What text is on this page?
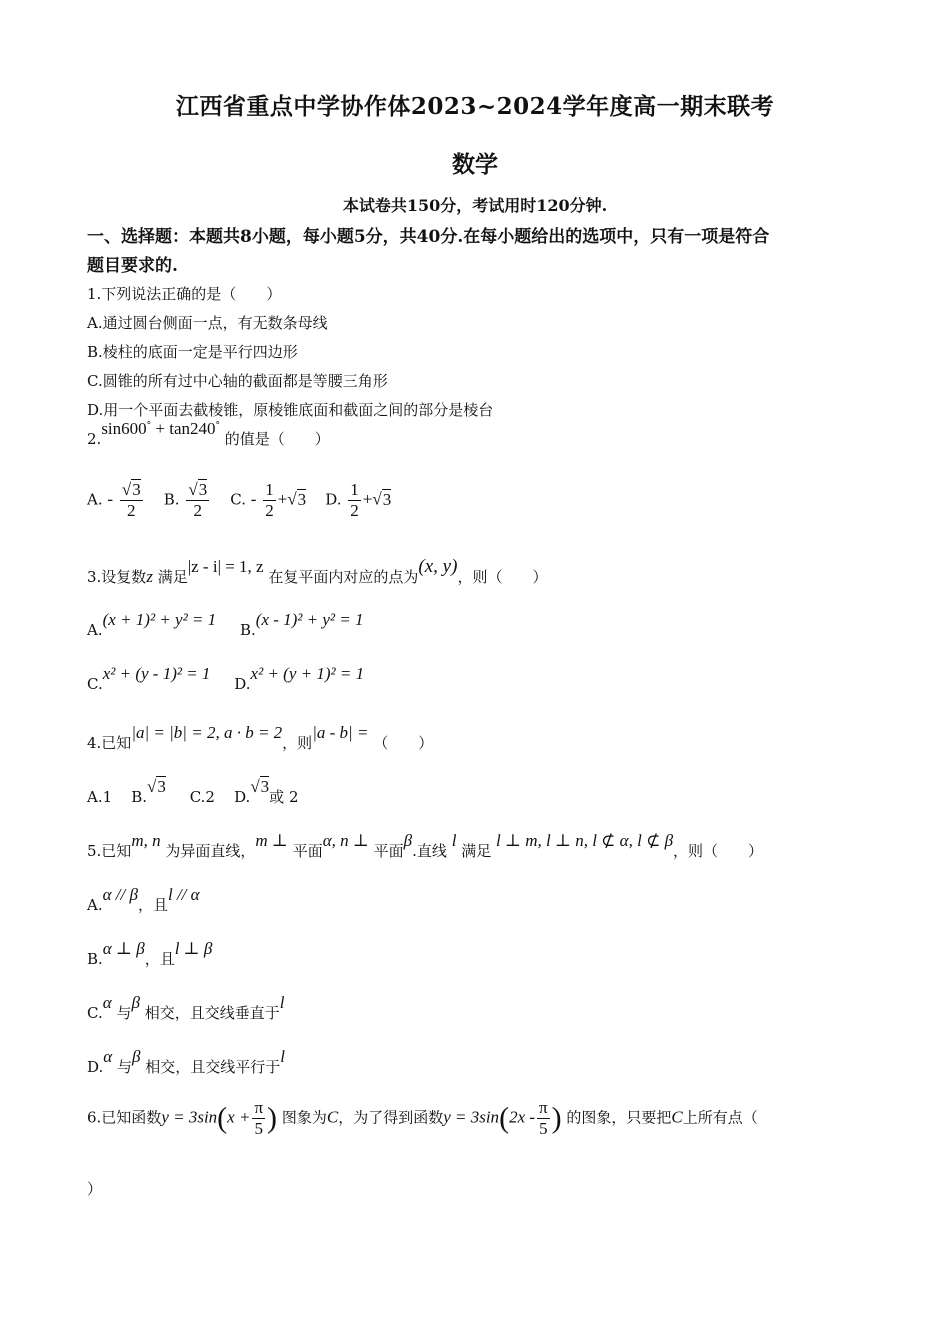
江西省重点中学协作体2023~2024学年度高一期末联考
数学
本试卷共150分，考试用时120分钟.
一、选择题：本题共8小题，每小题5分，共40分.在每小题给出的选项中，只有一项是符合
题目要求的.
1.下列说法正确的是（　　）
A.通过圆台侧面一点，有无数条母线
B.棱柱的底面一定是平行四边形
C.圆锥的所有过中心轴的截面都是等腰三角形
D.用一个平面去截棱锥，原棱锥底面和截面之间的部分是棱台
2.sin600° + tan240° 的值是（　　）
A. - $\frac{√3}{2} B$. $\frac{√3}{2} C$. - $\frac{1}{2} +√3$ D. $\frac{1}{2} +√3$
3.设复数z 满足|z - i| = 1, z 在复平面内对应的点为(x, y)，则（　　）
A.(x + 1)² + y² = 1     B.(x - 1)² + y² = 1
C.x² + (y - 1)² = 1     D.x² + (y + 1)² = 1
4.已知|a| = |b| = 2, a · b = 2，则|a - b| = （　　）
A.1 B.√3     C.2 D.√3或 2
5.已知m, n 为异面直线，m ⊥ 平面α, n ⊥ 平面β.直线 l 满足 l ⊥ m, l ⊥ n, l ⊄ α, l ⊄ β，则（　　）
A.α // β，且l // α
B.α ⊥ β，且l ⊥ β
C.α 与β 相交，且交线垂直于l
D.α 与β 相交，且交线平行于l
6.已知函数$y = 3\sin(x + \frac{\pi}{5}$ ) 图象为C，为了得到函数$y = 3\sin(2x - \frac{\pi}{5}$ ) 的图象，只要把C上所有点（
）
